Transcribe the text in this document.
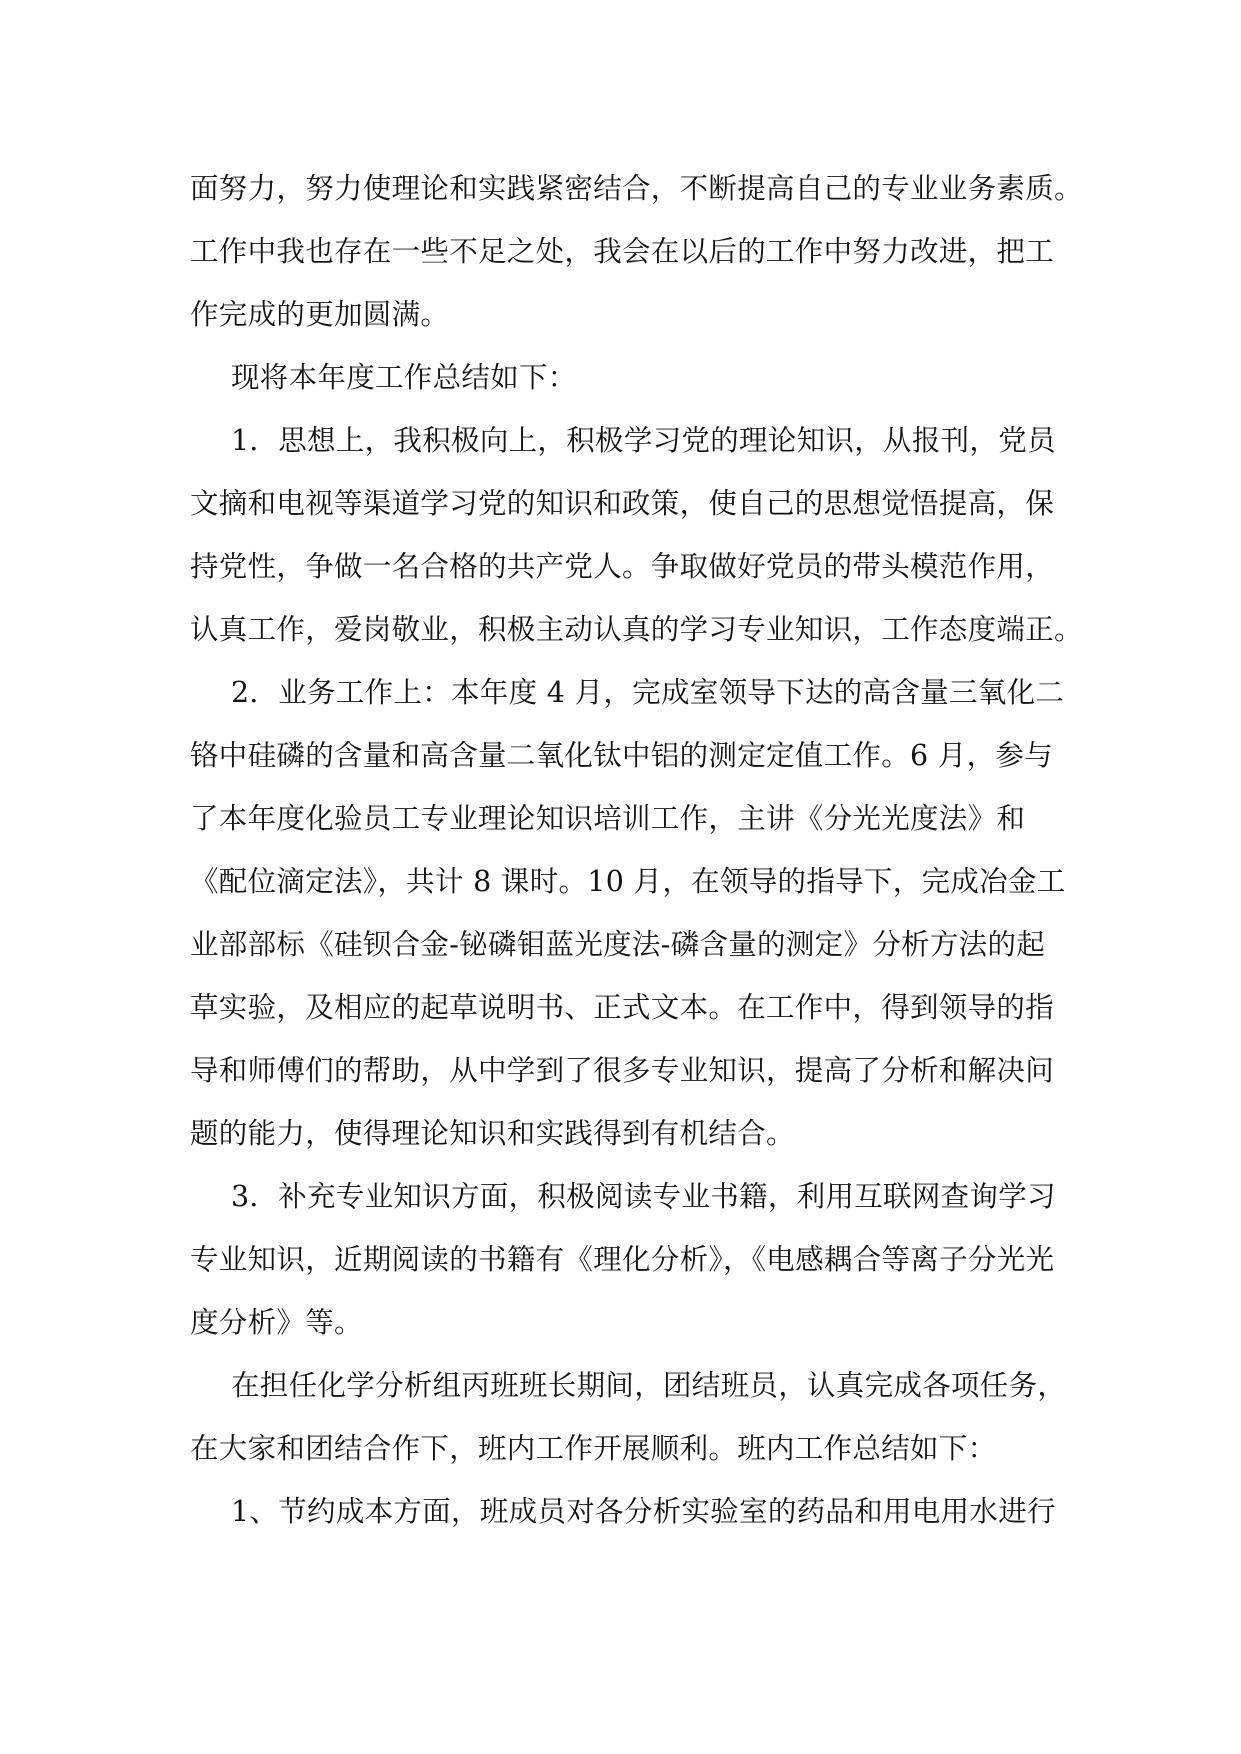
面努力，努力使理论和实践紧密结合，不断提高自己的专业业务素质。
工作中我也存在一些不足之处，我会在以后的工作中努力改进，把工
作完成的更加圆满。
现将本年度工作总结如下：
1．思想上，我积极向上，积极学习党的理论知识，从报刊，党员
文摘和电视等渠道学习党的知识和政策，使自己的思想觉悟提高，保
持党性，争做一名合格的共产党人。争取做好党员的带头模范作用，
认真工作，爱岗敬业，积极主动认真的学习专业知识，工作态度端正。
2．业务工作上：本年度 4 月，完成室领导下达的高含量三氧化二
铬中硅磷的含量和高含量二氧化钛中铝的测定定值工作。6 月，参与
了本年度化验员工专业理论知识培训工作，主讲《分光光度法》和
《配位滴定法》，共计 8 课时。10 月，在领导的指导下，完成冶金工
业部部标《硅钡合金-铋磷钼蓝光度法-磷含量的测定》分析方法的起
草实验，及相应的起草说明书、正式文本。在工作中，得到领导的指
导和师傅们的帮助，从中学到了很多专业知识，提高了分析和解决问
题的能力，使得理论知识和实践得到有机结合。
3．补充专业知识方面，积极阅读专业书籍，利用互联网查询学习
专业知识，近期阅读的书籍有《理化分析》，《电感耦合等离子分光光
度分析》等。
在担任化学分析组丙班班长期间，团结班员，认真完成各项任务，
在大家和团结合作下，班内工作开展顺利。班内工作总结如下：
1、节约成本方面，班成员对各分析实验室的药品和用电用水进行
